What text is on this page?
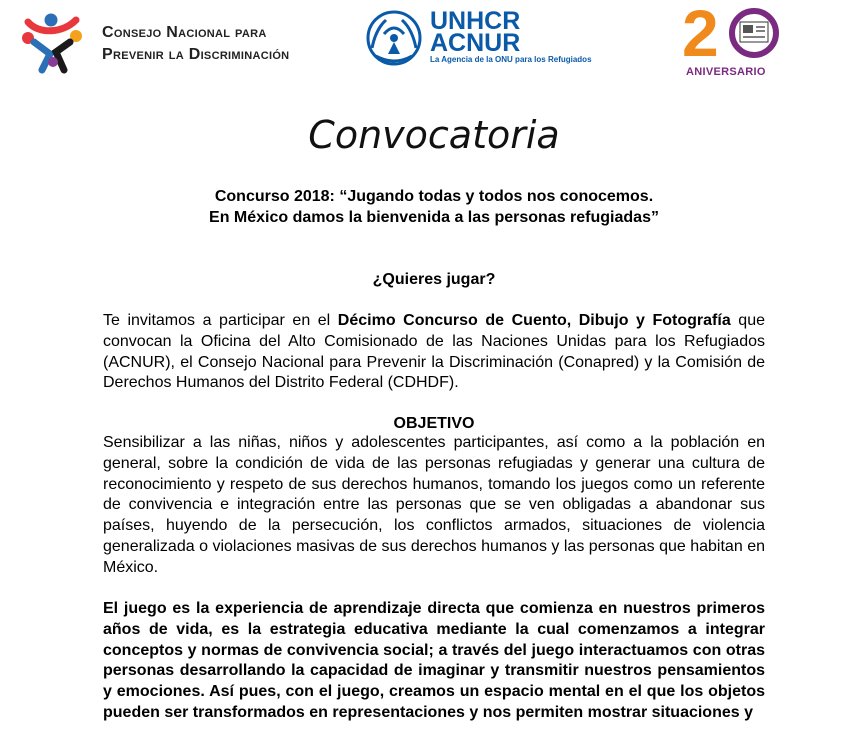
Consejo Nacional para
Prevenir la Discriminación
UNHCR
ACNUR
La Agencia de la ONU para los Refugiados 2
ANIVERSARIO
Convocatoria
Concurso 2018: “Jugando todas y todos nos conocemos.
En México damos la bienvenida a las personas refugiadas”
¿Quieres jugar?
Te invitamos a participar en el Décimo Concurso de Cuento, Dibujo y Fotografía que convocan la Oficina del Alto Comisionado de las Naciones Unidas para los Refugiados (ACNUR), el Consejo Nacional para Prevenir la Discriminación (Conapred) y la Comisión de Derechos Humanos del Distrito Federal (CDHDF).
OBJETIVO
Sensibilizar a las niñas, niños y adolescentes participantes, así como a la población en general, sobre la condición de vida de las personas refugiadas y generar una cultura de reconocimiento y respeto de sus derechos humanos, tomando los juegos como un referente de convivencia e integración entre las personas que se ven obligadas a abandonar sus países, huyendo de la persecución, los conflictos armados, situaciones de violencia generalizada o violaciones masivas de sus derechos humanos y las personas que habitan en México.
El juego es la experiencia de aprendizaje directa que comienza en nuestros primeros años de vida, es la estrategia educativa mediante la cual comenzamos a integrar conceptos y normas de convivencia social; a través del juego interactuamos con otras personas desarrollando la capacidad de imaginar y transmitir nuestros pensamientos y emociones. Así pues, con el juego, creamos un espacio mental en el que los objetos pueden ser transformados en representaciones y nos permiten mostrar situaciones y
